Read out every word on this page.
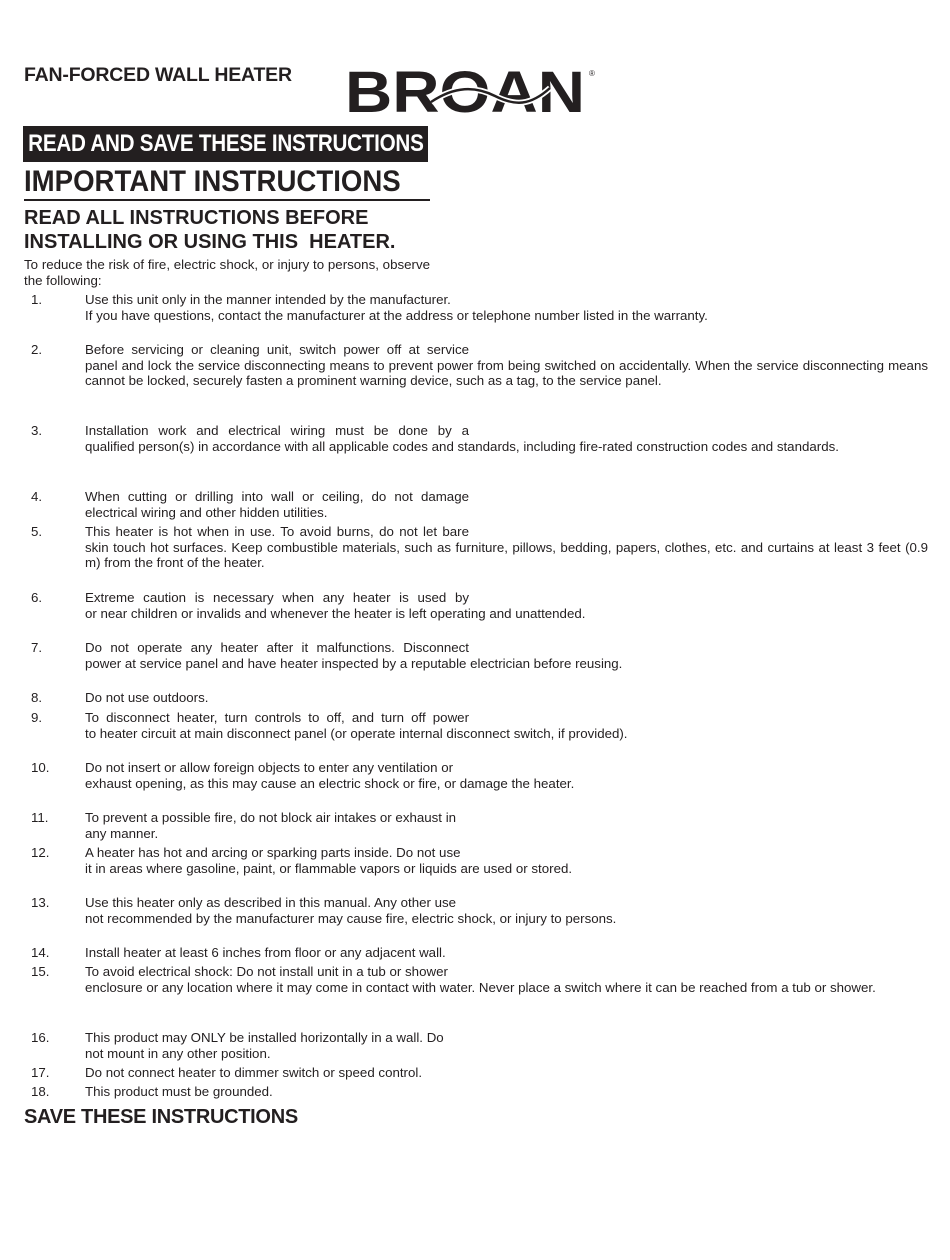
FAN-FORCED WALL HEATER BROAN ®
READ AND SAVE THESE INSTRUCTIONS
IMPORTANT INSTRUCTIONS
READ ALL INSTRUCTIONS BEFORE
INSTALLING OR USING THIS  HEATER.

To reduce the risk of fire, electric shock, or injury to persons, observe the following:

1.	Use this unit only in the manner intended by the manufacturer.
If you have questions, contact the manufacturer at the address or telephone number listed in the warranty.
2.	Before servicing or cleaning unit, switch power off at service
panel and lock the service disconnecting means to prevent power from being switched on accidentally. When the service disconnecting means cannot be locked, securely fasten a prominent warning device, such as a tag, to the service panel.
3.	Installation work and electrical wiring must be done by a
qualified person(s) in accordance with all applicable codes and standards, including fire-rated construction codes and standards.
4.	When cutting or drilling into wall or ceiling, do not damage
electrical wiring and other hidden utilities.
5.	This heater is hot when in use. To avoid burns, do not let bare
skin touch hot surfaces. Keep combustible materials, such as furniture, pillows, bedding, papers, clothes, etc. and curtains at least 3 feet (0.9 m) from the front of the heater.
6.	Extreme caution is necessary when any heater is used by
or near children or invalids and whenever the heater is left operating and unattended.
7.	Do not operate any heater after it malfunctions. Disconnect
power at service panel and have heater inspected by a reputable electrician before reusing.
8.	Do not use outdoors.
9.	To disconnect heater, turn controls to off, and turn off power
to heater circuit at main disconnect panel (or operate internal disconnect switch, if provided).
10.	Do not insert or allow foreign objects to enter any ventilation or
exhaust opening, as this may cause an electric shock or fire, or damage the heater.
11.	To prevent a possible fire, do not block air intakes or exhaust in
any manner.
12.	A heater has hot and arcing or sparking parts inside. Do not use
it in areas where gasoline, paint, or flammable vapors or liquids are used or stored.
13.	Use this heater only as described in this manual. Any other use
not recommended by the manufacturer may cause fire, electric shock, or injury to persons.
14.	Install heater at least 6 inches from floor or any adjacent wall.
15.	To avoid electrical shock: Do not install unit in a tub or shower
enclosure or any location where it may come in contact with water. Never place a switch where it can be reached from a tub or shower.
16.	This product may ONLY be installed horizontally in a wall. Do
not mount in any other position.
17.	Do not connect heater to dimmer switch or speed control.
18.	This product must be grounded.
SAVE THESE INSTRUCTIONS
